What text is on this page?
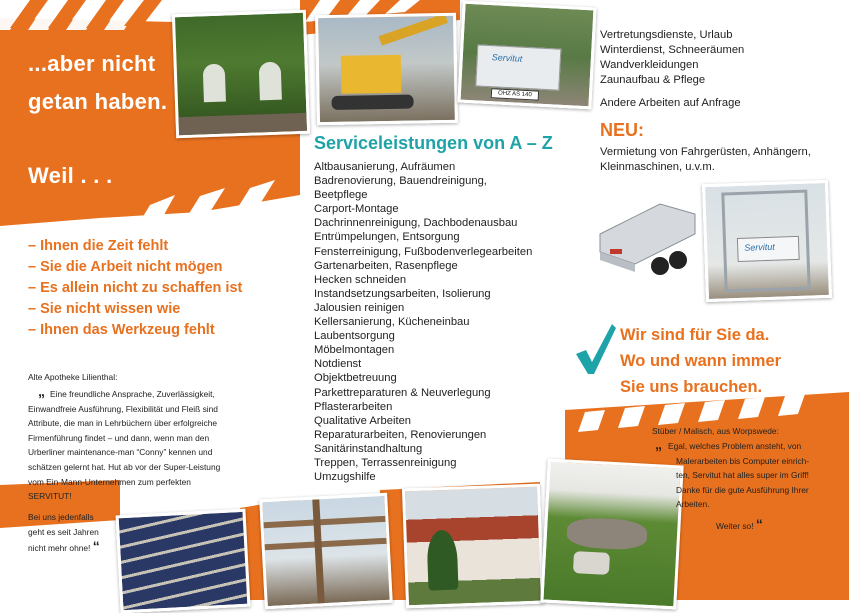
Servitut
OHZ AS 140
...aber nicht
getan haben.
Weil . . .
– Ihnen die Zeit fehlt
– Sie die Arbeit nicht mögen
– Es allein nicht zu schaffen ist
– Sie nicht wissen wie
– Ihnen das Werkzeug fehlt
Alte Apotheke Lilienthal:
„ Eine freundliche Ansprache, Zuverlässigkeit,
Einwandfreie Ausführung, Flexibilität und Fleiß sind
Attribute, die man in Lehrbüchern über erfolgreiche
Firmenführung findet – und dann, wenn man den
Urberliner maintenance-man “Conny” kennen und
schätzen gelernt hat. Hut ab vor der Super-Leistung
vom Ein-Mann-Unternehmen zum perfekten
SERVITUT!
Bei uns jedenfalls
geht es seit Jahren
nicht mehr ohne! “
Serviceleistungen von A – Z
Altbausanierung, Aufräumen
Badrenovierung, Bauendreinigung,
Beetpflege
Carport-Montage
Dachrinnenreinigung, Dachbodenausbau
Entrümpelungen, Entsorgung
Fensterreinigung, Fußbodenverlegearbeiten
Gartenarbeiten, Rasenpflege
Hecken schneiden
Instandsetzungsarbeiten, Isolierung
Jalousien reinigen
Kellersanierung, Kücheneinbau
Laubentsorgung
Möbelmontagen
Notdienst
Objektbetreuung
Parkettreparaturen & Neuverlegung
Pflasterarbeiten
Qualitative Arbeiten
Reparaturarbeiten, Renovierungen
Sanitärinstandhaltung
Treppen, Terrassenreinigung
Umzugshilfe
Vertretungsdienste, Urlaub
Winterdienst, Schneeräumen
Wandverkleidungen
Zaunaufbau & Pflege
Andere Arbeiten auf Anfrage
NEU:
Vermietung von Fahrgerüsten, Anhängern,
Kleinmaschinen, u.v.m.
Servitut
Wir sind für Sie da.
Wo und wann immer
Sie uns brauchen.
Stüber / Malisch, aus Worpswede:
„ Egal, welches Problem ansteht, von
Malerarbeiten bis Computer einrich-
ten, Servitut hat alles super im Griff!
Danke für die gute Ausführung Ihrer
Arbeiten.
Weiter so! “
